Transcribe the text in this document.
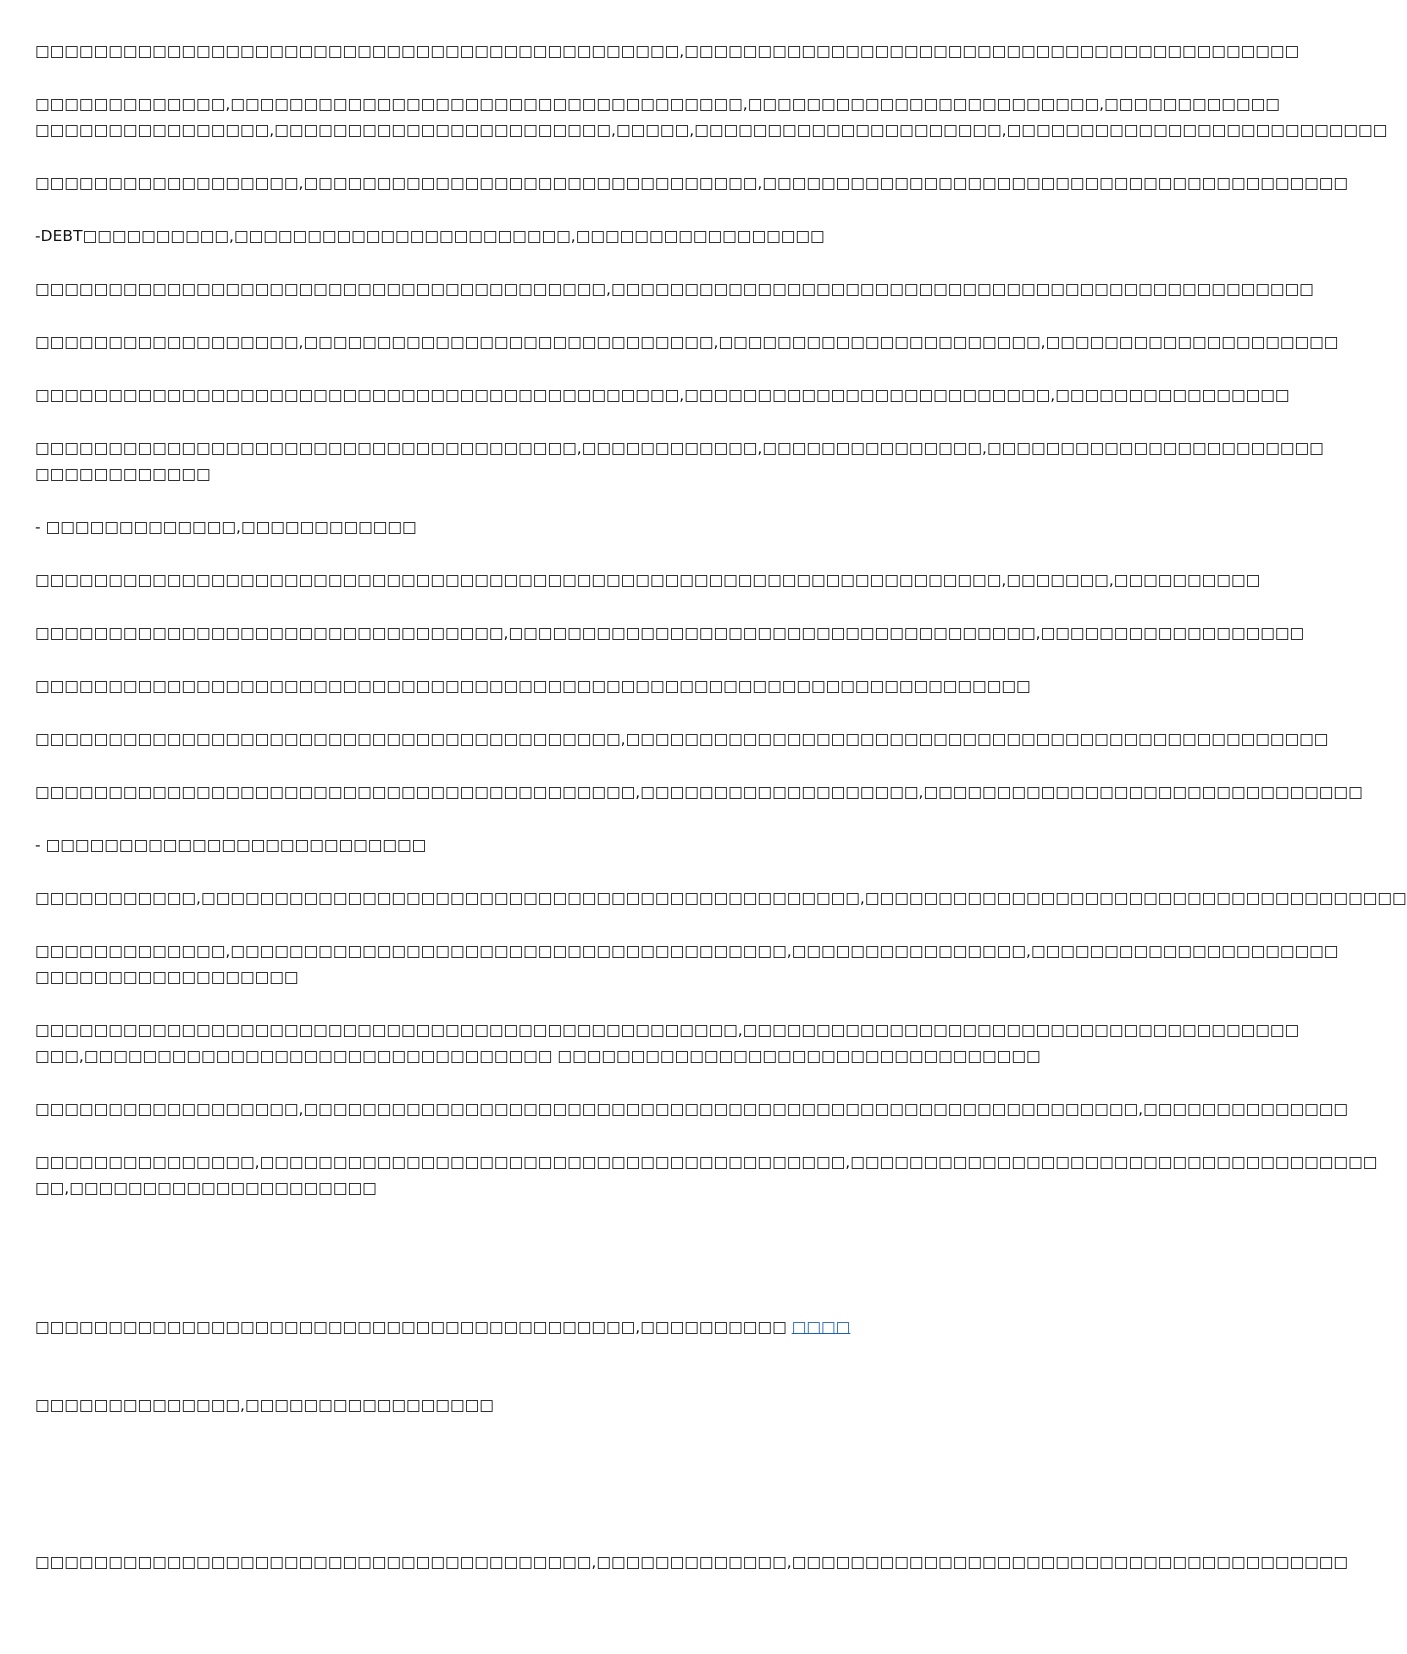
□□□□□□□□□□□□□□□□□□□□□□□□□□□□□□□□□□□□□□□□□□□□,□□□□□□□□□□□□□□□□□□□□□□□□□□□□□□□□□□□□□□□□□□

□□□□□□□□□□□□□,□□□□□□□□□□□□□□□□□□□□□□□□□□□□□□□□□□□,□□□□□□□□□□□□□□□□□□□□□□□□,□□□□□□□□□□□□
□□□□□□□□□□□□□□□□,□□□□□□□□□□□□□□□□□□□□□□□,□□□□□,□□□□□□□□□□□□□□□□□□□□□,□□□□□□□□□□□□□□□□□□□□□□□□□□

□□□□□□□□□□□□□□□□□□,□□□□□□□□□□□□□□□□□□□□□□□□□□□□□□□,□□□□□□□□□□□□□□□□□□□□□□□□□□□□□□□□□□□□□□□□

-DEBT□□□□□□□□□□,□□□□□□□□□□□□□□□□□□□□□□□,□□□□□□□□□□□□□□□□□

□□□□□□□□□□□□□□□□□□□□□□□□□□□□□□□□□□□□□□□,□□□□□□□□□□□□□□□□□□□□□□□□□□□□□□□□□□□□□□□□□□□□□□□□

□□□□□□□□□□□□□□□□□□,□□□□□□□□□□□□□□□□□□□□□□□□□□□□,□□□□□□□□□□□□□□□□□□□□□□,□□□□□□□□□□□□□□□□□□□□

□□□□□□□□□□□□□□□□□□□□□□□□□□□□□□□□□□□□□□□□□□□□,□□□□□□□□□□□□□□□□□□□□□□□□□,□□□□□□□□□□□□□□□□

□□□□□□□□□□□□□□□□□□□□□□□□□□□□□□□□□□□□□,□□□□□□□□□□□□,□□□□□□□□□□□□□□□,□□□□□□□□□□□□□□□□□□□□□□□
□□□□□□□□□□□□

- □□□□□□□□□□□□□,□□□□□□□□□□□□

□□□□□□□□□□□□□□□□□□□□□□□□□□□□□□□□□□□□□□□□□□□□□□□□□□□□□□□□□□□□□□□□□□,□□□□□□□,□□□□□□□□□□

□□□□□□□□□□□□□□□□□□□□□□□□□□□□□□□□,□□□□□□□□□□□□□□□□□□□□□□□□□□□□□□□□□□□□,□□□□□□□□□□□□□□□□□□

□□□□□□□□□□□□□□□□□□□□□□□□□□□□□□□□□□□□□□□□□□□□□□□□□□□□□□□□□□□□□□□□□□□□

□□□□□□□□□□□□□□□□□□□□□□□□□□□□□□□□□□□□□□□□,□□□□□□□□□□□□□□□□□□□□□□□□□□□□□□□□□□□□□□□□□□□□□□□□

□□□□□□□□□□□□□□□□□□□□□□□□□□□□□□□□□□□□□□□□□,□□□□□□□□□□□□□□□□□□□,□□□□□□□□□□□□□□□□□□□□□□□□□□□□□□

- □□□□□□□□□□□□□□□□□□□□□□□□□□

□□□□□□□□□□□,□□□□□□□□□□□□□□□□□□□□□□□□□□□□□□□□□□□□□□□□□□□□□,□□□□□□□□□□□□□□□□□□□□□□□□□□□□□□□□□□□□□

□□□□□□□□□□□□□,□□□□□□□□□□□□□□□□□□□□□□□□□□□□□□□□□□□□□□,□□□□□□□□□□□□□□□□,□□□□□□□□□□□□□□□□□□□□□
□□□□□□□□□□□□□□□□□□

□□□□□□□□□□□□□□□□□□□□□□□□□□□□□□□□□□□□□□□□□□□□□□□□,□□□□□□□□□□□□□□□□□□□□□□□□□□□□□□□□□□□□□□
□□□,□□□□□□□□□□□□□□□□□□□□□□□□□□□□□□□□ □□□□□□□□□□□□□□□□□□□□□□□□□□□□□□□□□

□□□□□□□□□□□□□□□□□□,□□□□□□□□□□□□□□□□□□□□□□□□□□□□□□□□□□□□□□□□□□□□□□□□□□□□□□□□□,□□□□□□□□□□□□□□

□□□□□□□□□□□□□□□,□□□□□□□□□□□□□□□□□□□□□□□□□□□□□□□□□□□□□□□□,□□□□□□□□□□□□□□□□□□□□□□□□□□□□□□□□□□□□
□□,□□□□□□□□□□□□□□□□□□□□□

□□□□□□□□□□□□□□□□□□□□□□□□□□□□□□□□□□□□□□□□□,□□□□□□□□□□ □□□□

□□□□□□□□□□□□□□,□□□□□□□□□□□□□□□□□

□□□□□□□□□□□□□□□□□□□□□□□□□□□□□□□□□□□□□□,□□□□□□□□□□□□□,□□□□□□□□□□□□□□□□□□□□□□□□□□□□□□□□□□□□□□
